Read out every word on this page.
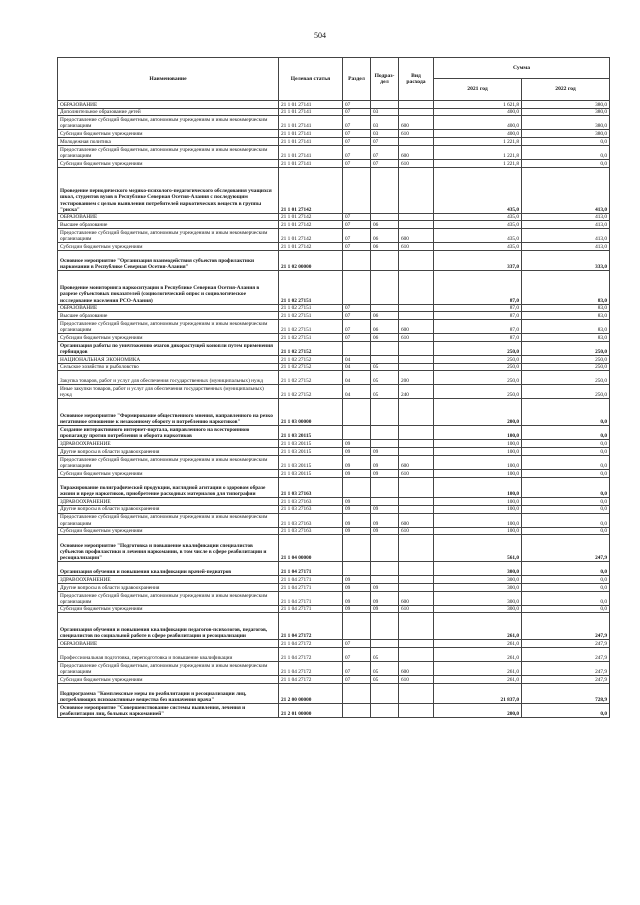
504
Наименование	Целевая статья	Раздел	Подраз-дел	Вид расхода	Сумма	
					2021 год	2022 год
ОБРАЗОВАНИЕ	21 1 01 27141	07			1 621,8	380,0
Дополнительное образование детей	21 1 01 27141	07	03		400,0	380,0
Предоставление субсидий бюджетным, автономным учреждениям и иным некоммерческим организациям	21 1 01 27141	07	03	600	400,0	380,0
Субсидии бюджетным учреждениям	21 1 01 27141	07	03	610	400,0	380,0
Молодежная политика	21 1 01 27141	07	07		1 221,8	0,0
Предоставление субсидий бюджетным, автономным учреждениям и иным некоммерческим организациям	21 1 01 27141	07	07	600	1 221,8	0,0
Субсидии бюджетным учреждениям	21 1 01 27141	07	07	610	1 221,8	0,0
Проведение периодического медико-психолого-педагогического обследования учащихся школ, студентов вузов в Республике Северная Осетия-Алания с последующим тестированием с целью выявления потребителей наркотических веществ в группы "риска"	21 1 01 27142				435,0	413,0
ОБРАЗОВАНИЕ	21 1 01 27142	07			435,0	413,0
Высшее образование	21 1 01 27142	07	06		435,0	413,0
Предоставление субсидий бюджетным, автономным учреждениям и иным некоммерческим организациям	21 1 01 27142	07	06	600	435,0	413,0
Субсидии бюджетным учреждениям	21 1 01 27142	07	06	610	435,0	413,0
Основное мероприятие "Организация взаимодействия субъектов профилактики наркомании в Республике Северная Осетия-Алания"	21 1 02 00000				337,0	333,0
Проведение мониторинга наркоситуации в Республике Северная Осетия-Алания в разрезе субъектовых показателей (социологический опрос и социологическое исследование населения РСО-Алания)	21 1 02 27151				87,0	83,0
ОБРАЗОВАНИЕ	21 1 02 27151	07			87,0	83,0
Высшее образование	21 1 02 27151	07	06		87,0	83,0
Предоставление субсидий бюджетным, автономным учреждениям и иным некоммерческим организациям	21 1 02 27151	07	06	600	87,0	83,0
Субсидии бюджетным учреждениям	21 1 02 27151	07	06	610	87,0	83,0
Организация работы по уничтожению очагов дикорастущей конопли путем применения гербицидов	21 1 02 27152				250,0	250,0
НАЦИОНАЛЬНАЯ ЭКОНОМИКА	21 1 02 27152	04			250,0	250,0
Сельское хозяйство и рыболовство	21 1 02 27152	04	05		250,0	250,0
Закупка товаров, работ и услуг для обеспечения государственных (муниципальных) нужд	21 1 02 27152	04	05	200	250,0	250,0
Иные закупки товаров, работ и услуг для обеспечения государственных (муниципальных) нужд	21 1 02 27152	04	05	240	250,0	250,0
Основное мероприятие "Формирование общественного мнения, направленного на резко негативное отношение к незаконному обороту и потреблению наркотиков"	21 1 03 00000				200,0	0,0
Создание интерактивного интернет-портала, направленного на всестороннюю пропаганду против потребления и оборота наркотиков	21 1 03 20115				100,0	0,0
ЗДРАВООХРАНЕНИЕ	21 1 03 20115	09			100,0	0,0
Другие вопросы в области здравоохранения	21 1 03 20115	09	09		100,0	0,0
Предоставление субсидий бюджетным, автономным учреждениям и иным некоммерческим организациям	21 1 03 20115	09	09	600	100,0	0,0
Субсидии бюджетным учреждениям	21 1 03 20115	09	09	610	100,0	0,0
Тиражирование полиграфической продукции, наглядной агитации о здоровом образе жизни и вреде наркотиков, приобретение расходных материалов для типографии	21 1 03 27163				100,0	0,0
ЗДРАВООХРАНЕНИЕ	21 1 03 27163	09			100,0	0,0
Другие вопросы в области здравоохранения	21 1 03 27163	09	09		100,0	0,0
Предоставление субсидий бюджетным, автономным учреждениям и иным некоммерческим организациям	21 1 03 27163	09	09	600	100,0	0,0
Субсидии бюджетным учреждениям	21 1 03 27163	09	09	610	100,0	0,0
Основное мероприятие "Подготовка и повышение квалификации специалистов субъектов профилактики и лечения наркомании, в том числе в сфере реабилитации и ресоциализации"	21 1 04 00000				561,0	247,9
Организация обучения и повышения квалификации врачей-педиатров	21 1 04 27171				300,0	0,0
ЗДРАВООХРАНЕНИЕ	21 1 04 27171	09			300,0	0,0
Другие вопросы в области здравоохранения	21 1 04 27171	09	09		300,0	0,0
Предоставление субсидий бюджетным, автономным учреждениям и иным некоммерческим организациям	21 1 04 27171	09	09	600	300,0	0,0
Субсидии бюджетным учреждениям	21 1 04 27171	09	09	610	300,0	0,0
Организация обучения и повышения квалификации педагогов-психологов, педагогов, специалистов по социальной работе в сфере реабилитации и ресоциализации	21 1 04 27172				261,0	247,9
ОБРАЗОВАНИЕ	21 1 04 27172	07			261,0	247,9
Профессиональная подготовка, переподготовка и повышение квалификации	21 1 04 27172	07	05		261,0	247,9
Предоставление субсидий бюджетным, автономным учреждениям и иным некоммерческим организациям	21 1 04 27172	07	05	600	261,0	247,9
Субсидии бюджетным учреждениям	21 1 04 27172	07	05	610	261,0	247,9
Подпрограмма "Комплексные меры по реабилитации и ресоциализации лиц, потребляющих психоактивные вещества без назначения врача"	21 2 00 00000				21 837,0	728,9
Основное мероприятие "Совершенствование системы выявления, лечения и реабилитации лиц, больных наркоманией"	21 2 01 00000				200,0	0,0
